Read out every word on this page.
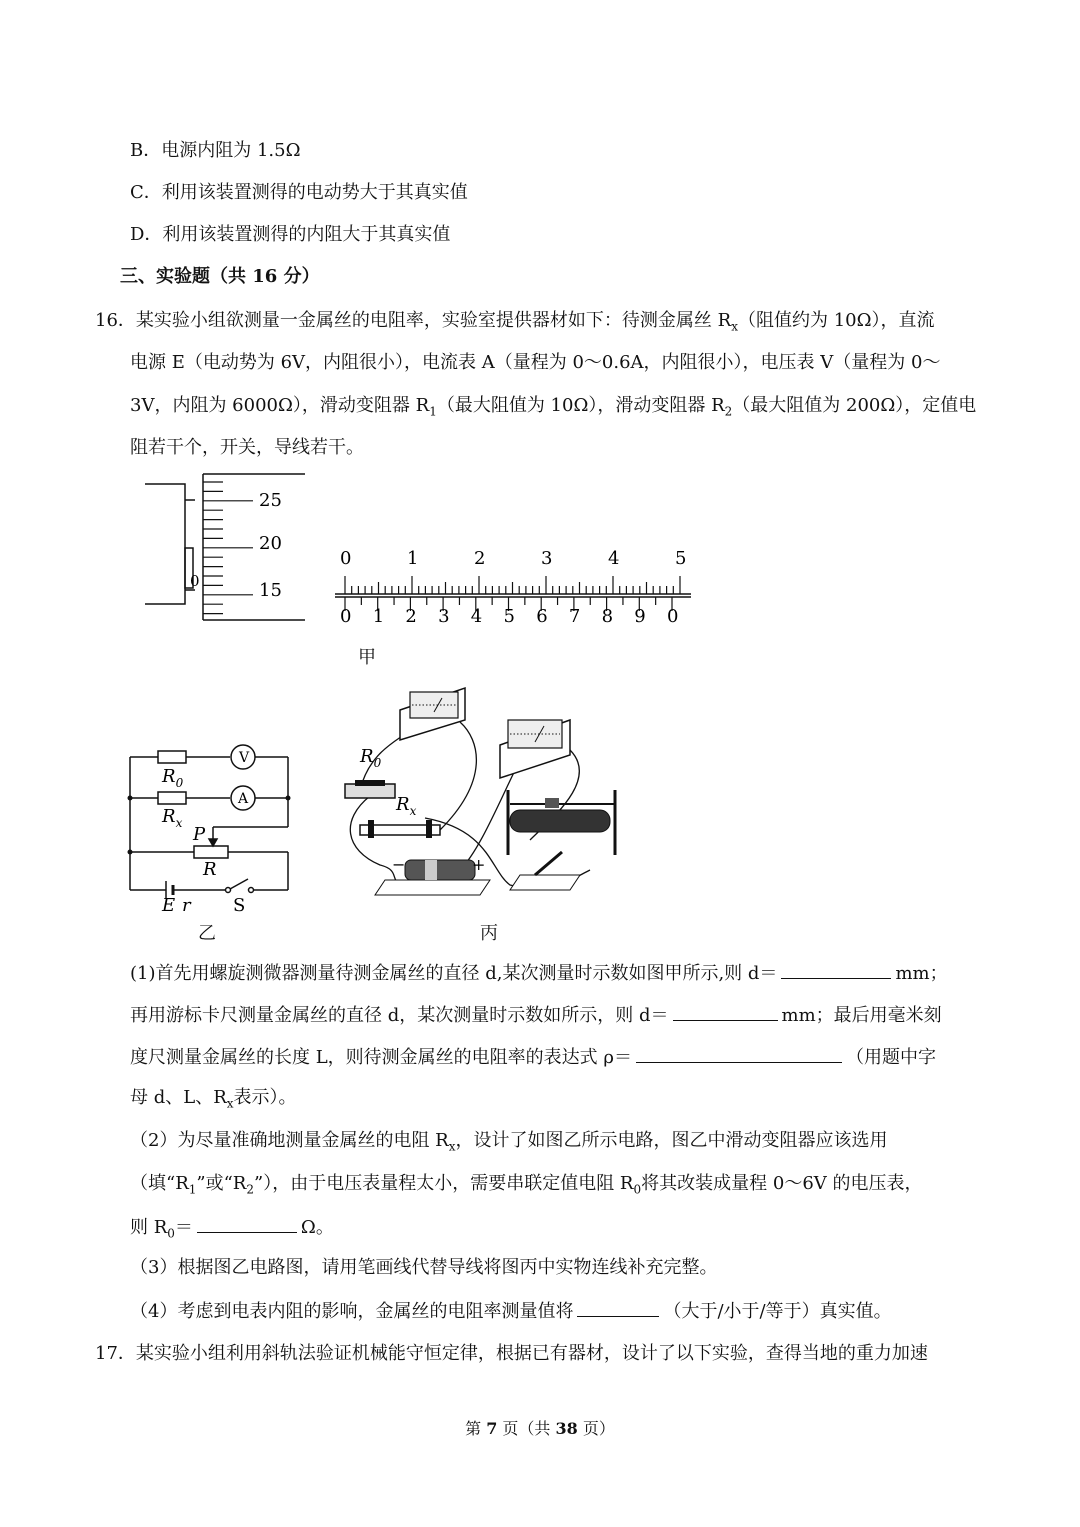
B．电源内阻为 1.5Ω
C．利用该装置测得的电动势大于其真实值
D．利用该装置测得的内阻大于其真实值
三、实验题（共 16 分）
16．某实验小组欲测量一金属丝的电阻率，实验室提供器材如下：待测金属丝 $R_x$（阻值约为 10Ω），直流
电源 E（电动势为 6V，内阻很小），电流表 A（量程为 0～0.6A，内阻很小），电压表 V（量程为 0～
3V，内阻为 6000Ω），滑动变阻器 $R_1$（最大阻值为 10Ω），滑动变阻器 $R_2$（最大阻值为 200Ω），定值电
阻若干个，开关，导线若干。
25
20
15
0
0	1	2	3	4	5
0 1 2 3 4 5 6 7 8 9 0
甲
V
A
$R_0$
$R_x$
P
R
E r S
乙
$R_0$
$R_x$
−	+
丙
(1)首先用螺旋测微器测量待测金属丝的直径 d,某次测量时示数如图甲所示,则 d＝	mm；
再用游标卡尺测量金属丝的直径 d，某次测量时示数如所示，则 d＝	mm；最后用毫米刻
度尺测量金属丝的长度 L，则待测金属丝的电阻率的表达式 ρ＝	（用题中字
母 d、L、$R_x$表示）。
（2）为尽量准确地测量金属丝的电阻 $R_x$，设计了如图乙所示电路，图乙中滑动变阻器应该选用
（填“$R_1$”或“$R_2$”），由于电压表量程太小，需要串联定值电阻 $R_0$将其改装成量程 0～6V 的电压表，
则 $R_0=$	Ω。
（3）根据图乙电路图，请用笔画线代替导线将图丙中实物连线补充完整。
（4）考虑到电表内阻的影响，金属丝的电阻率测量值将	（大于/小于/等于）真实值。
17．某实验小组利用斜轨法验证机械能守恒定律，根据已有器材，设计了以下实验，查得当地的重力加速
第 7 页（共 38 页）
